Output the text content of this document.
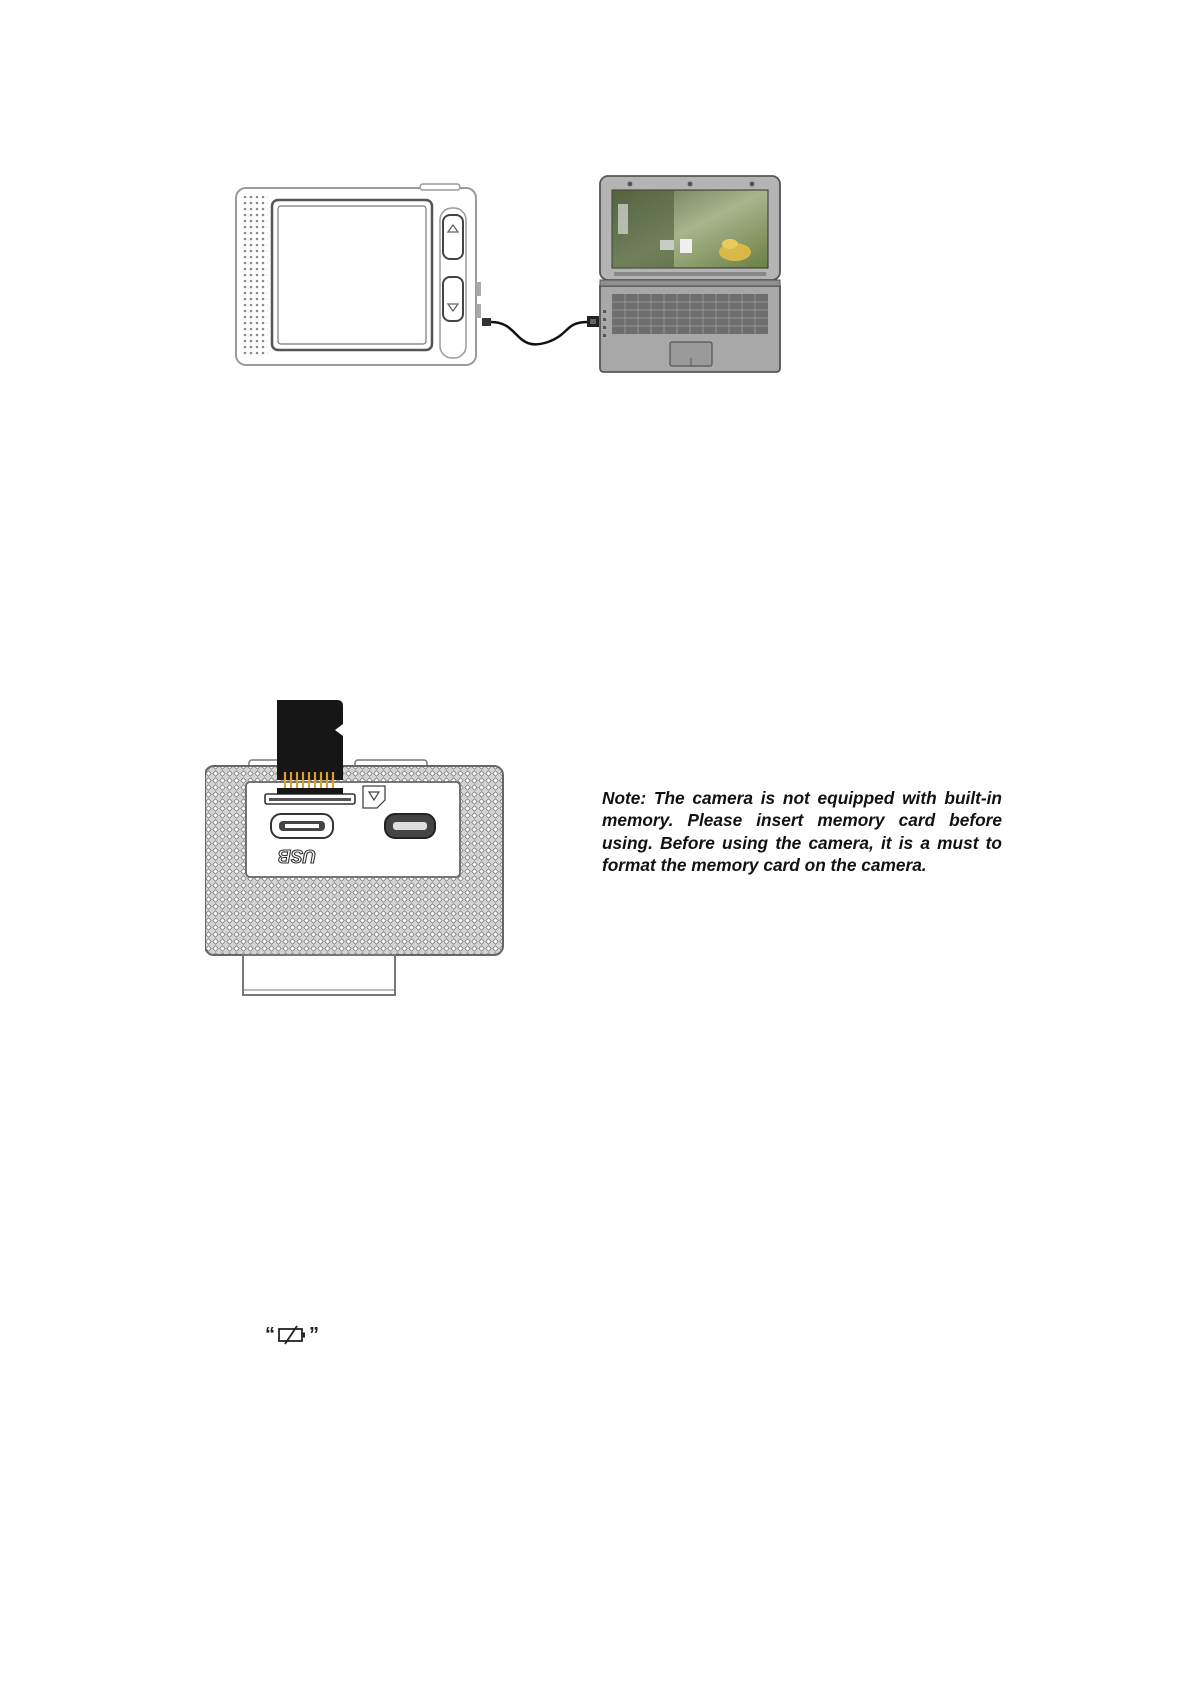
USB
Note: The camera is not equipped with built-in memory. Please insert memory card before using. Before using the camera, it is a must to format the memory card on the camera.
“ ”
